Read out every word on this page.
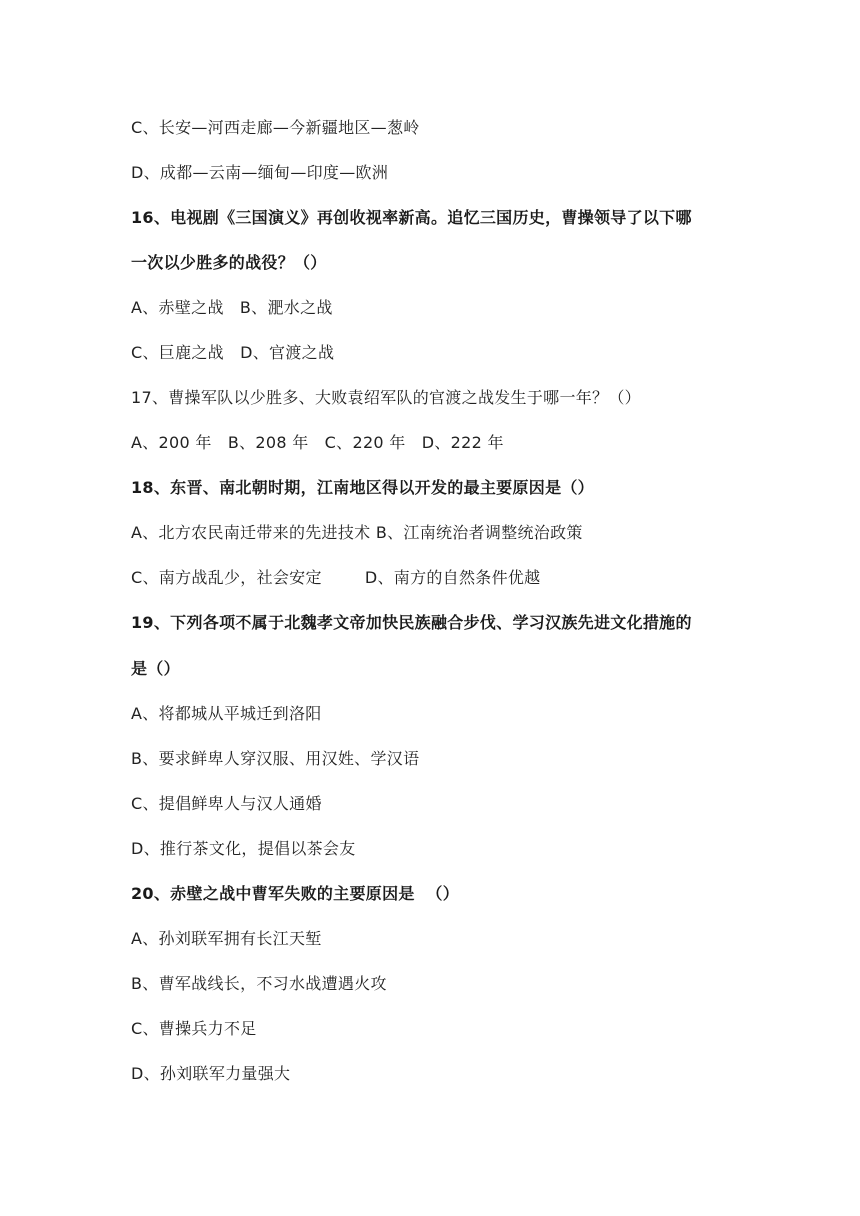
C、长安—河西走廊—今新疆地区—葱岭
D、成都—云南—缅甸—印度—欧洲
16、电视剧《三国演义》再创收视率新高。追忆三国历史，曹操领导了以下哪
一次以少胜多的战役？（）
A、赤壁之战   B、淝水之战
C、巨鹿之战   D、官渡之战
17、曹操军队以少胜多、大败袁绍军队的官渡之战发生于哪一年？（）
A、200 年   B、208 年   C、220 年   D、222 年
18、东晋、南北朝时期，江南地区得以开发的最主要原因是（）
A、北方农民南迁带来的先进技术 B、江南统治者调整统治政策
C、南方战乱少，社会安定        D、南方的自然条件优越
19、下列各项不属于北魏孝文帝加快民族融合步伐、学习汉族先进文化措施的
是（）
A、将都城从平城迁到洛阳
B、要求鲜卑人穿汉服、用汉姓、学汉语
C、提倡鲜卑人与汉人通婚
D、推行茶文化，提倡以茶会友
20、赤壁之战中曹军失败的主要原因是  （）
A、孙刘联军拥有长江天堑
B、曹军战线长，不习水战遭遇火攻
C、曹操兵力不足
D、孙刘联军力量强大
